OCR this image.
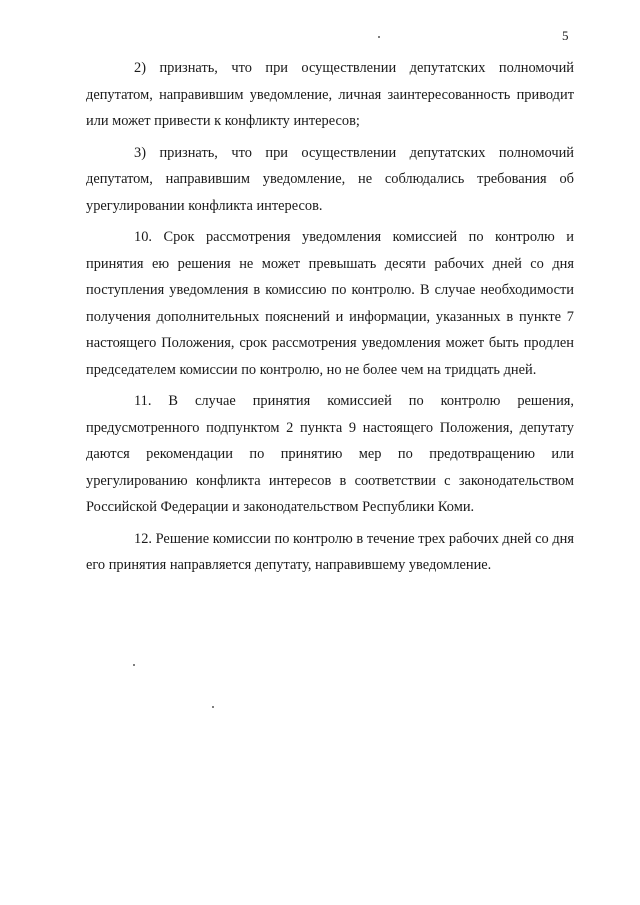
5

2) признать, что при осуществлении депутатских полномочий депутатом, направившим уведомление, личная заинтересованность приводит или может привести к конфликту интересов;

3) признать, что при осуществлении депутатских полномочий депутатом, направившим уведомление, не соблюдались требования об урегулировании конфликта интересов.

10. Срок рассмотрения уведомления комиссией по контролю и принятия ею решения не может превышать десяти рабочих дней со дня поступления уведомления в комиссию по контролю. В случае необходимости получения дополнительных пояснений и информации, указанных в пункте 7 настоящего Положения, срок рассмотрения уведомления может быть продлен председателем комиссии по контролю, но не более чем на тридцать дней.

11. В случае принятия комиссией по контролю решения, предусмотренного подпунктом 2 пункта 9 настоящего Положения, депутату даются рекомендации по принятию мер по предотвращению или урегулированию конфликта интересов в соответствии с законодательством Российской Федерации и законодательством Республики Коми.

12. Решение комиссии по контролю в течение трех рабочих дней со дня его принятия направляется депутату, направившему уведомление.
